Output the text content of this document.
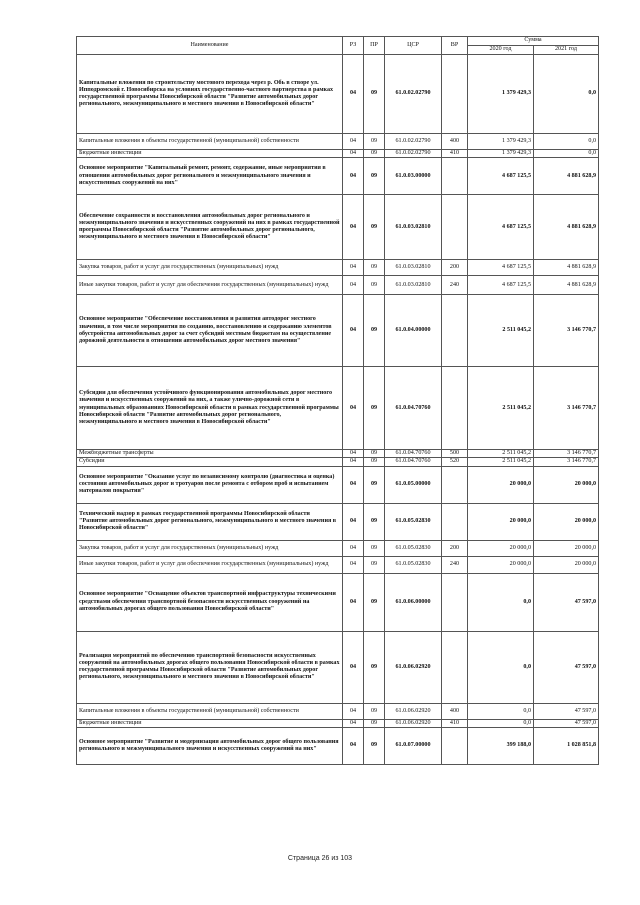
Наименование	РЗ	ПР	ЦСР	ВР	Сумма	
					2020 год	2021 год
Капитальные вложения по строительству мостового перехода через р. Обь в створе ул. Ипподромской г. Новосибирска на условиях государственно-частного партнерства в рамках государственной программы Новосибирской области "Развитие автомобильных дорог регионального, межмуниципального и местного значения в Новосибирской области"	04	09	61.0.02.02790		1 379 429,3	0,0
Капитальные вложения в объекты государственной (муниципальной) собственности	04	09	61.0.02.02790	400	1 379 429,3	0,0
Бюджетные инвестиции	04	09	61.0.02.02790	410	1 379 429,3	0,0
Основное мероприятие "Капитальный ремонт, ремонт, содержание, иные мероприятия в отношении автомобильных дорог регионального и межмуниципального значения и искусственных сооружений на них"	04	09	61.0.03.00000		4 687 125,5	4 881 628,9
Обеспечение сохранности и восстановления автомобильных дорог регионального и межмуниципального значения и искусственных сооружений на них в рамках государственной программы Новосибирской области "Развитие автомобильных дорог регионального, межмуниципального и местного значения в Новосибирской области"	04	09	61.0.03.02810		4 687 125,5	4 881 628,9
Закупка товаров, работ и услуг для государственных (муниципальных) нужд	04	09	61.0.03.02810	200	4 687 125,5	4 881 628,9
Иные закупки товаров, работ и услуг для обеспечения государственных (муниципальных) нужд	04	09	61.0.03.02810	240	4 687 125,5	4 881 628,9
Основное мероприятие "Обеспечение восстановления и развития автодорог местного значения, в том числе мероприятия по созданию, восстановлению и содержанию элементов обустройства автомобильных дорог за счет субсидий местным бюджетам на осуществление дорожной деятельности в отношении автомобильных дорог местного значения"	04	09	61.0.04.00000		2 511 045,2	3 146 770,7
Субсидии для обеспечения устойчивого функционирования автомобильных дорог местного значения и искусственных сооружений на них, а также улично-дорожной сети в муниципальных образованиях Новосибирской области в рамках государственной программы Новосибирской области "Развитие автомобильных дорог регионального, межмуниципального и местного значения в Новосибирской области"	04	09	61.0.04.70760		2 511 045,2	3 146 770,7
Межбюджетные трансферты	04	09	61.0.04.70760	500	2 511 045,2	3 146 770,7
Субсидии	04	09	61.0.04.70760	520	2 511 045,2	3 146 770,7
Основное мероприятие "Оказание услуг по независимому контролю (диагностика и оценка) состояния автомобильных дорог и тротуаров после ремонта с отбором проб и испытанием материалов покрытия"	04	09	61.0.05.00000		20 000,0	20 000,0
Технический надзор в рамках государственной программы Новосибирской области "Развитие автомобильных дорог регионального, межмуниципального и местного значения в Новосибирской области"	04	09	61.0.05.02830		20 000,0	20 000,0
Закупка товаров, работ и услуг для государственных (муниципальных) нужд	04	09	61.0.05.02830	200	20 000,0	20 000,0
Иные закупки товаров, работ и услуг для обеспечения государственных (муниципальных) нужд	04	09	61.0.05.02830	240	20 000,0	20 000,0
Основное мероприятие "Оснащение объектов транспортной инфраструктуры техническими средствами обеспечения транспортной безопасности искусственных сооружений на автомобильных дорогах общего пользования Новосибирской области"	04	09	61.0.06.00000		0,0	47 597,0
Реализация мероприятий по обеспечению транспортной безопасности искусственных сооружений на автомобильных дорогах общего пользования Новосибирской области в рамках государственной программы Новосибирской области "Развитие автомобильных дорог регионального, межмуниципального и местного значения в Новосибирской области"	04	09	61.0.06.02920		0,0	47 597,0
Капитальные вложения в объекты государственной (муниципальной) собственности	04	09	61.0.06.02920	400	0,0	47 597,0
Бюджетные инвестиции	04	09	61.0.06.02920	410	0,0	47 597,0
Основное мероприятие "Развитие и модернизация автомобильных дорог общего пользования регионального и межмуниципального значения и искусственных сооружений на них"	04	09	61.0.07.00000		399 188,0	1 028 851,8
Страница 26 из 103
